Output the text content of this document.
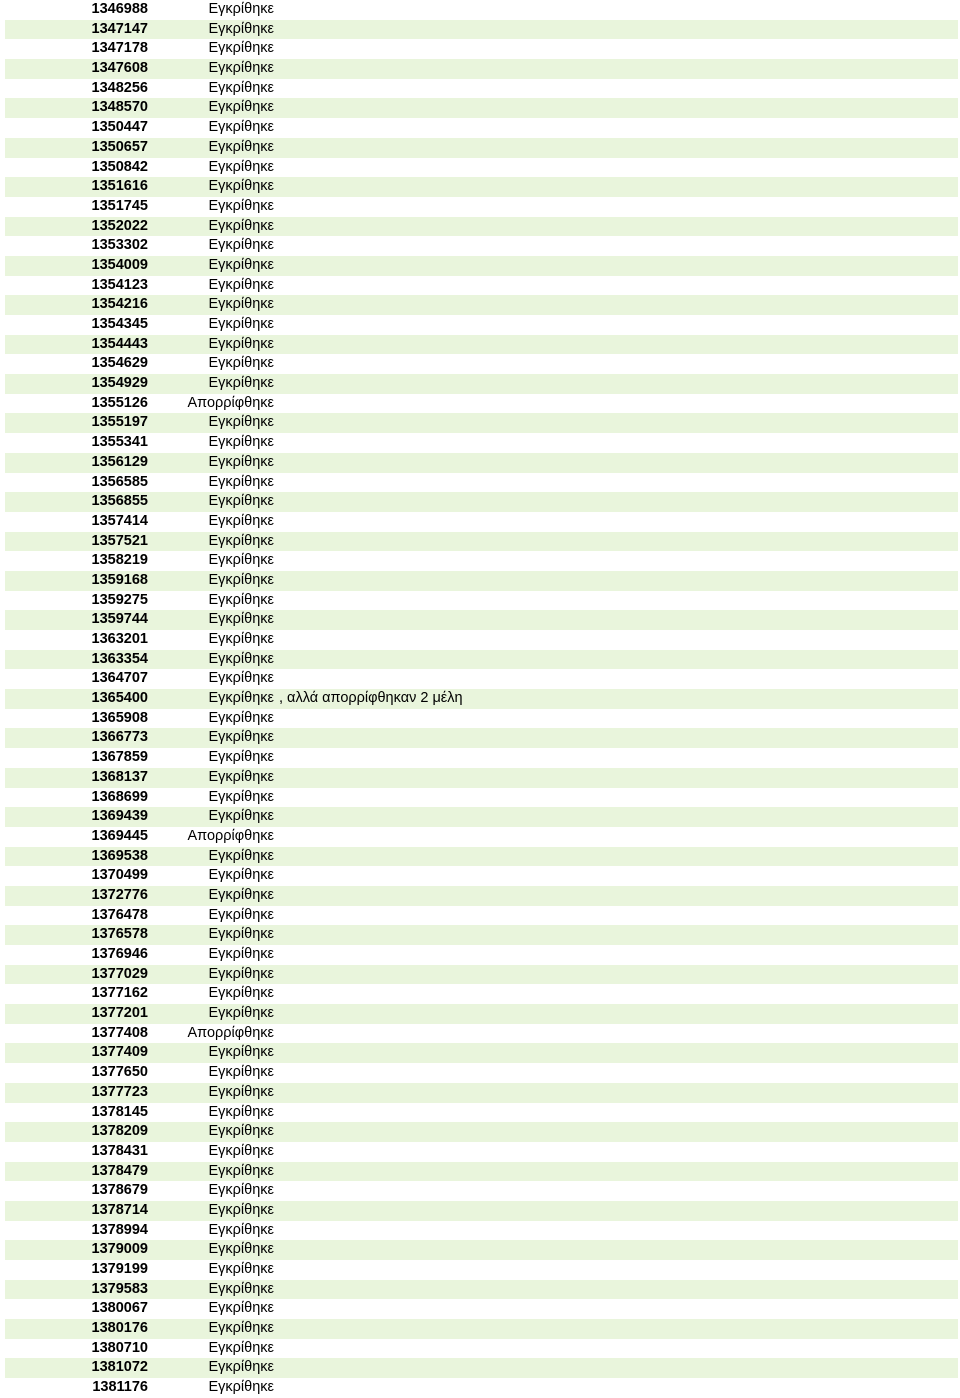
1346988	Εγκρίθηκε
1347147	Εγκρίθηκε
1347178	Εγκρίθηκε
1347608	Εγκρίθηκε
1348256	Εγκρίθηκε
1348570	Εγκρίθηκε
1350447	Εγκρίθηκε
1350657	Εγκρίθηκε
1350842	Εγκρίθηκε
1351616	Εγκρίθηκε
1351745	Εγκρίθηκε
1352022	Εγκρίθηκε
1353302	Εγκρίθηκε
1354009	Εγκρίθηκε
1354123	Εγκρίθηκε
1354216	Εγκρίθηκε
1354345	Εγκρίθηκε
1354443	Εγκρίθηκε
1354629	Εγκρίθηκε
1354929	Εγκρίθηκε
1355126	Απορρίφθηκε
1355197	Εγκρίθηκε
1355341	Εγκρίθηκε
1356129	Εγκρίθηκε
1356585	Εγκρίθηκε
1356855	Εγκρίθηκε
1357414	Εγκρίθηκε
1357521	Εγκρίθηκε
1358219	Εγκρίθηκε
1359168	Εγκρίθηκε
1359275	Εγκρίθηκε
1359744	Εγκρίθηκε
1363201	Εγκρίθηκε
1363354	Εγκρίθηκε
1364707	Εγκρίθηκε
1365400	Εγκρίθηκε , αλλά απορρίφθηκαν 2 μέλη
1365908	Εγκρίθηκε
1366773	Εγκρίθηκε
1367859	Εγκρίθηκε
1368137	Εγκρίθηκε
1368699	Εγκρίθηκε
1369439	Εγκρίθηκε
1369445	Απορρίφθηκε
1369538	Εγκρίθηκε
1370499	Εγκρίθηκε
1372776	Εγκρίθηκε
1376478	Εγκρίθηκε
1376578	Εγκρίθηκε
1376946	Εγκρίθηκε
1377029	Εγκρίθηκε
1377162	Εγκρίθηκε
1377201	Εγκρίθηκε
1377408	Απορρίφθηκε
1377409	Εγκρίθηκε
1377650	Εγκρίθηκε
1377723	Εγκρίθηκε
1378145	Εγκρίθηκε
1378209	Εγκρίθηκε
1378431	Εγκρίθηκε
1378479	Εγκρίθηκε
1378679	Εγκρίθηκε
1378714	Εγκρίθηκε
1378994	Εγκρίθηκε
1379009	Εγκρίθηκε
1379199	Εγκρίθηκε
1379583	Εγκρίθηκε
1380067	Εγκρίθηκε
1380176	Εγκρίθηκε
1380710	Εγκρίθηκε
1381072	Εγκρίθηκε
1381176	Εγκρίθηκε
